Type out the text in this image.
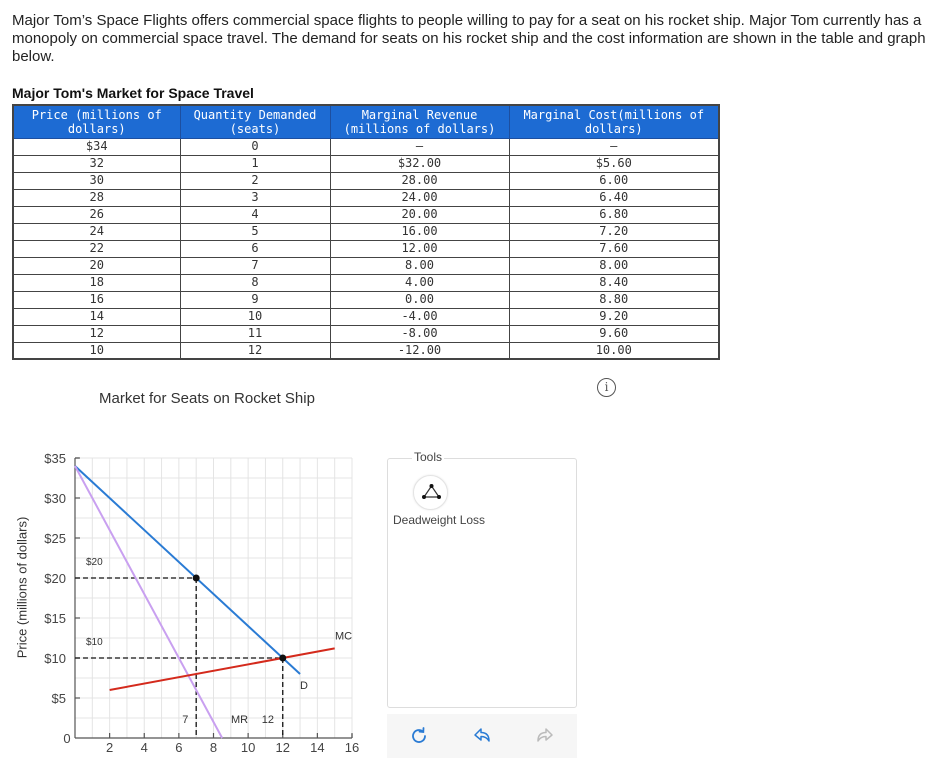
Major Tom’s Space Flights offers commercial space flights to people willing to pay for a seat on his rocket ship. Major Tom currently has a monopoly on commercial space travel. The demand for seats on his rocket ship and the cost information are shown in the table and graph below.
Major Tom's Market for Space Travel
Price (millions of dollars)	Quantity Demanded (seats)	Marginal Revenue (millions of dollars)	Marginal Cost(millions of dollars)
$34	0	–	–
32	1	$32.00	$5.60
30	2	28.00	6.00
28	3	24.00	6.40
26	4	20.00	6.80
24	5	16.00	7.20
22	6	12.00	7.60
20	7	8.00	8.00
18	8	4.00	8.40
16	9	0.00	8.80
14	10	-4.00	9.20
12	11	-8.00	9.60
10	12	-12.00	10.00
i
Market for Seats on Rocket Ship
Price (millions of dollars)
$5
$10
$15
$20
$25
$30
$35
2 4 6 8 10 12 14 16
0
$20
$10
7	12
MR
D
MC
Tools
Deadweight Loss
